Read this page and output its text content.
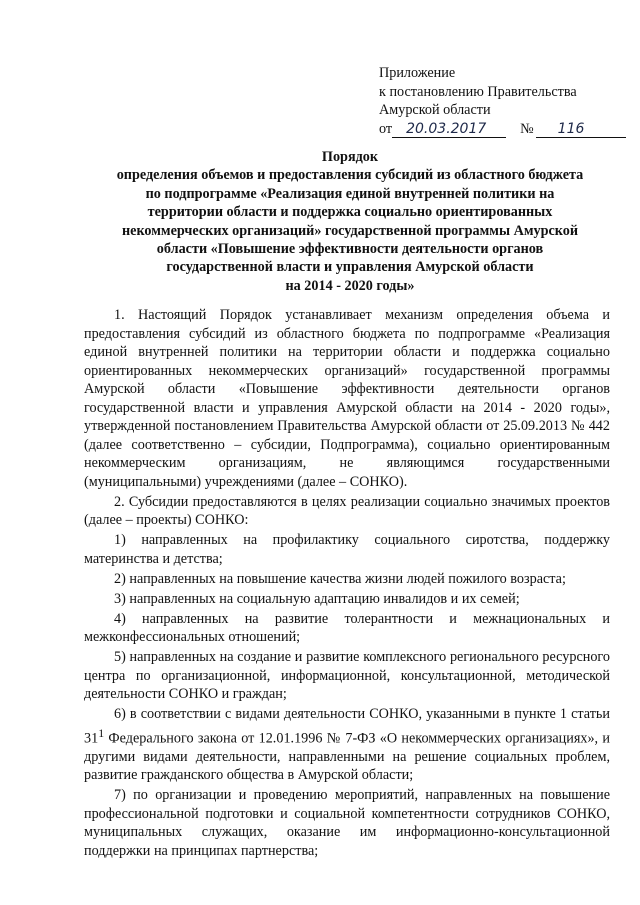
Приложение
к постановлению Правительства
Амурской области
от 20.03.2017 № 116
Порядок
определения объемов и предоставления субсидий из областного бюджета
по подпрограмме «Реализация единой внутренней политики на
территории области и поддержка социально ориентированных
некоммерческих организаций» государственной программы Амурской
области «Повышение эффективности деятельности органов
государственной власти и управления Амурской области
на 2014 - 2020 годы»

1. Настоящий Порядок устанавливает механизм определения объема и предоставления субсидий из областного бюджета по подпрограмме «Реализация единой внутренней политики на территории области и поддержка социально ориентированных некоммерческих организаций» государственной программы Амурской области «Повышение эффективности деятельности органов государственной власти и управления Амурской области на 2014 - 2020 годы», утвержденной постановлением Правительства Амурской области от 25.09.2013 № 442 (далее соответственно – субсидии, Подпрограмма), социально ориентированным некоммерческим организациям, не являющимся государственными (муниципальными) учреждениями (далее – СОНКО).

2. Субсидии предоставляются в целях реализации социально значимых проектов (далее – проекты) СОНКО:

1) направленных на профилактику социального сиротства, поддержку материнства и детства;

2) направленных на повышение качества жизни людей пожилого возраста;

3) направленных на социальную адаптацию инвалидов и их семей;

4) направленных на развитие толерантности и межнациональных и межконфессиональных отношений;

5) направленных на создание и развитие комплексного регионального ресурсного центра по организационной, информационной, консультационной, методической деятельности СОНКО и граждан;

6) в соответствии с видами деятельности СОНКО, указанными в пункте 1 статьи $31^1$ Федерального закона от 12.01.1996 № 7-ФЗ «О некоммерческих организациях», и другими видами деятельности, направленными на решение социальных проблем, развитие гражданского общества в Амурской области;

7) по организации и проведению мероприятий, направленных на повышение профессиональной подготовки и социальной компетентности сотрудников СОНКО, муниципальных служащих, оказание им информационно-консультационной поддержки на принципах партнерства;
